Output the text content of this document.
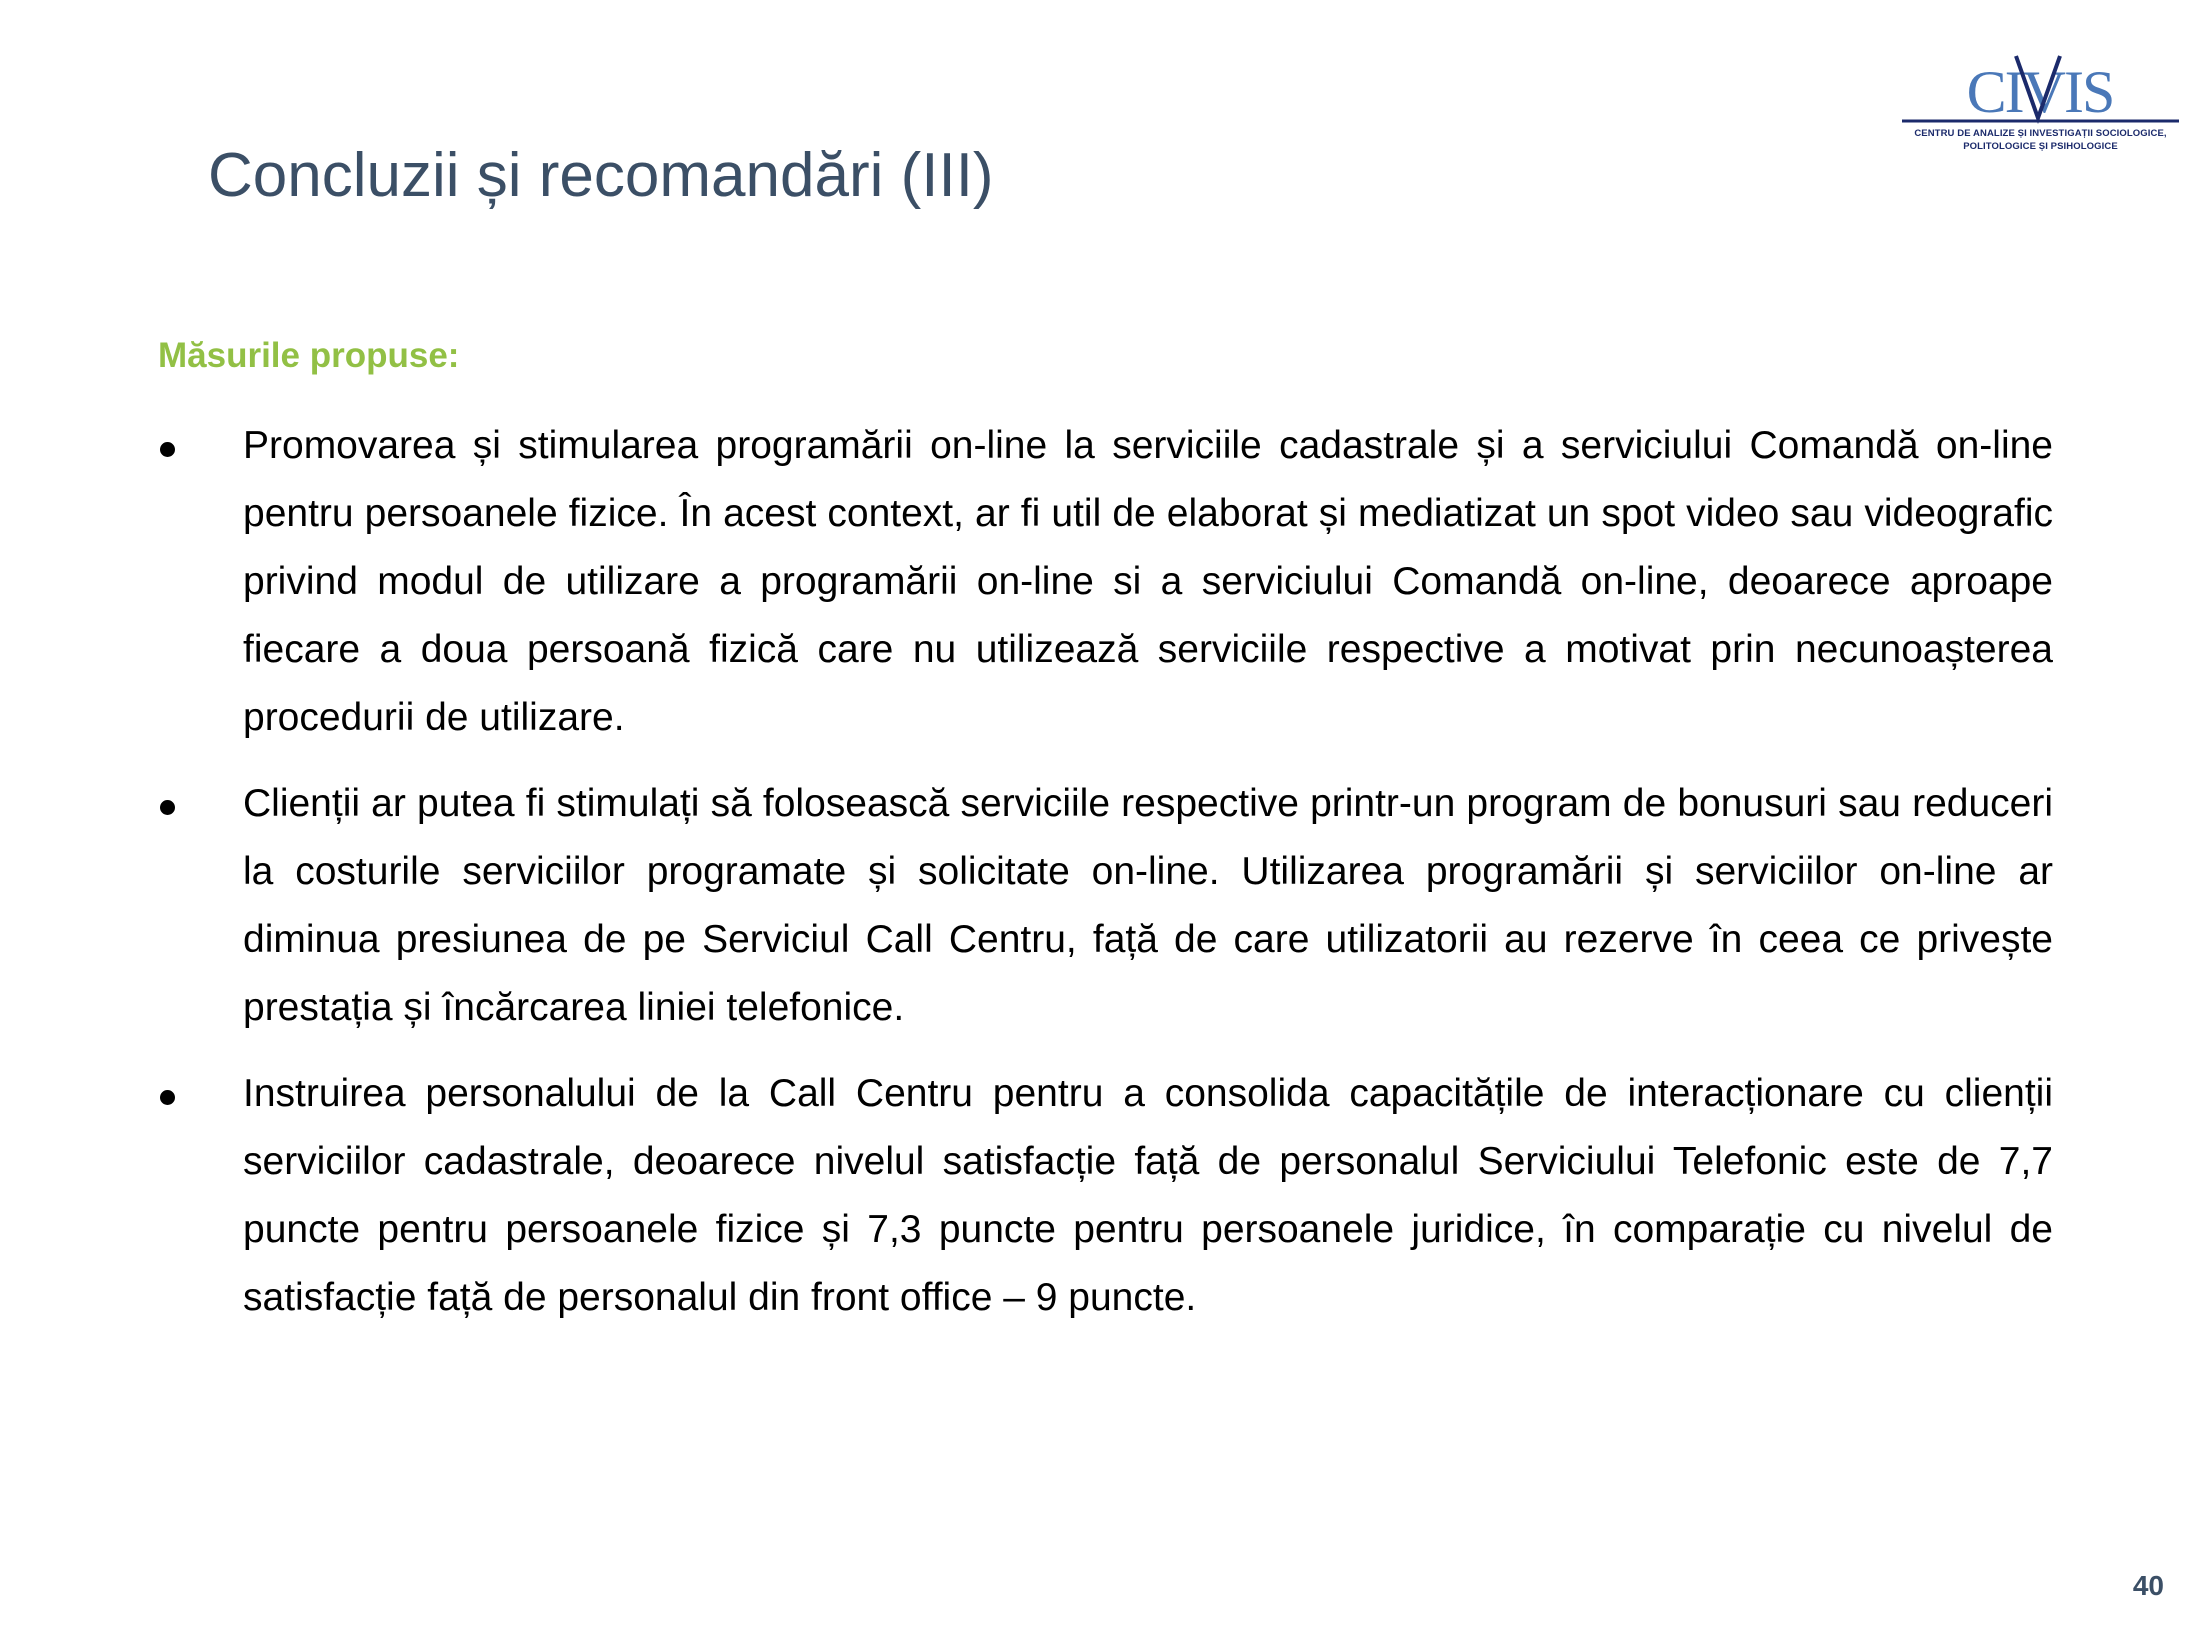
CIVIS
CENTRU DE ANALIZE ȘI INVESTIGAȚII SOCIOLOGICE,
POLITOLOGICE ȘI PSIHOLOGICE
Concluzii și recomandări (III)
Măsurile propuse:
Promovarea și stimularea programării on-line la serviciile cadastrale și a serviciului Comandă on-line pentru persoanele fizice. În acest context, ar fi util de elaborat și mediatizat un spot video sau videografic privind modul de utilizare a programării on-line si a serviciului Comandă on-line, deoarece aproape fiecare a doua persoană fizică care nu utilizează serviciile respective a motivat prin necunoașterea procedurii de utilizare.
Clienții ar putea fi stimulați să folosească serviciile respective printr-un program de bonusuri sau reduceri la costurile serviciilor programate și solicitate on-line. Utilizarea programării și serviciilor on-line ar diminua presiunea de pe Serviciul Call Centru, față de care utilizatorii au rezerve în ceea ce privește prestația și încărcarea liniei telefonice.
Instruirea personalului de la Call Centru pentru a consolida capacitățile de interacționare cu clienții serviciilor cadastrale, deoarece nivelul satisfacție față de personalul Serviciului Telefonic este de 7,7 puncte pentru persoanele fizice și 7,3 puncte pentru persoanele juridice, în comparație cu nivelul de satisfacție față de personalul din front office – 9 puncte.
40
